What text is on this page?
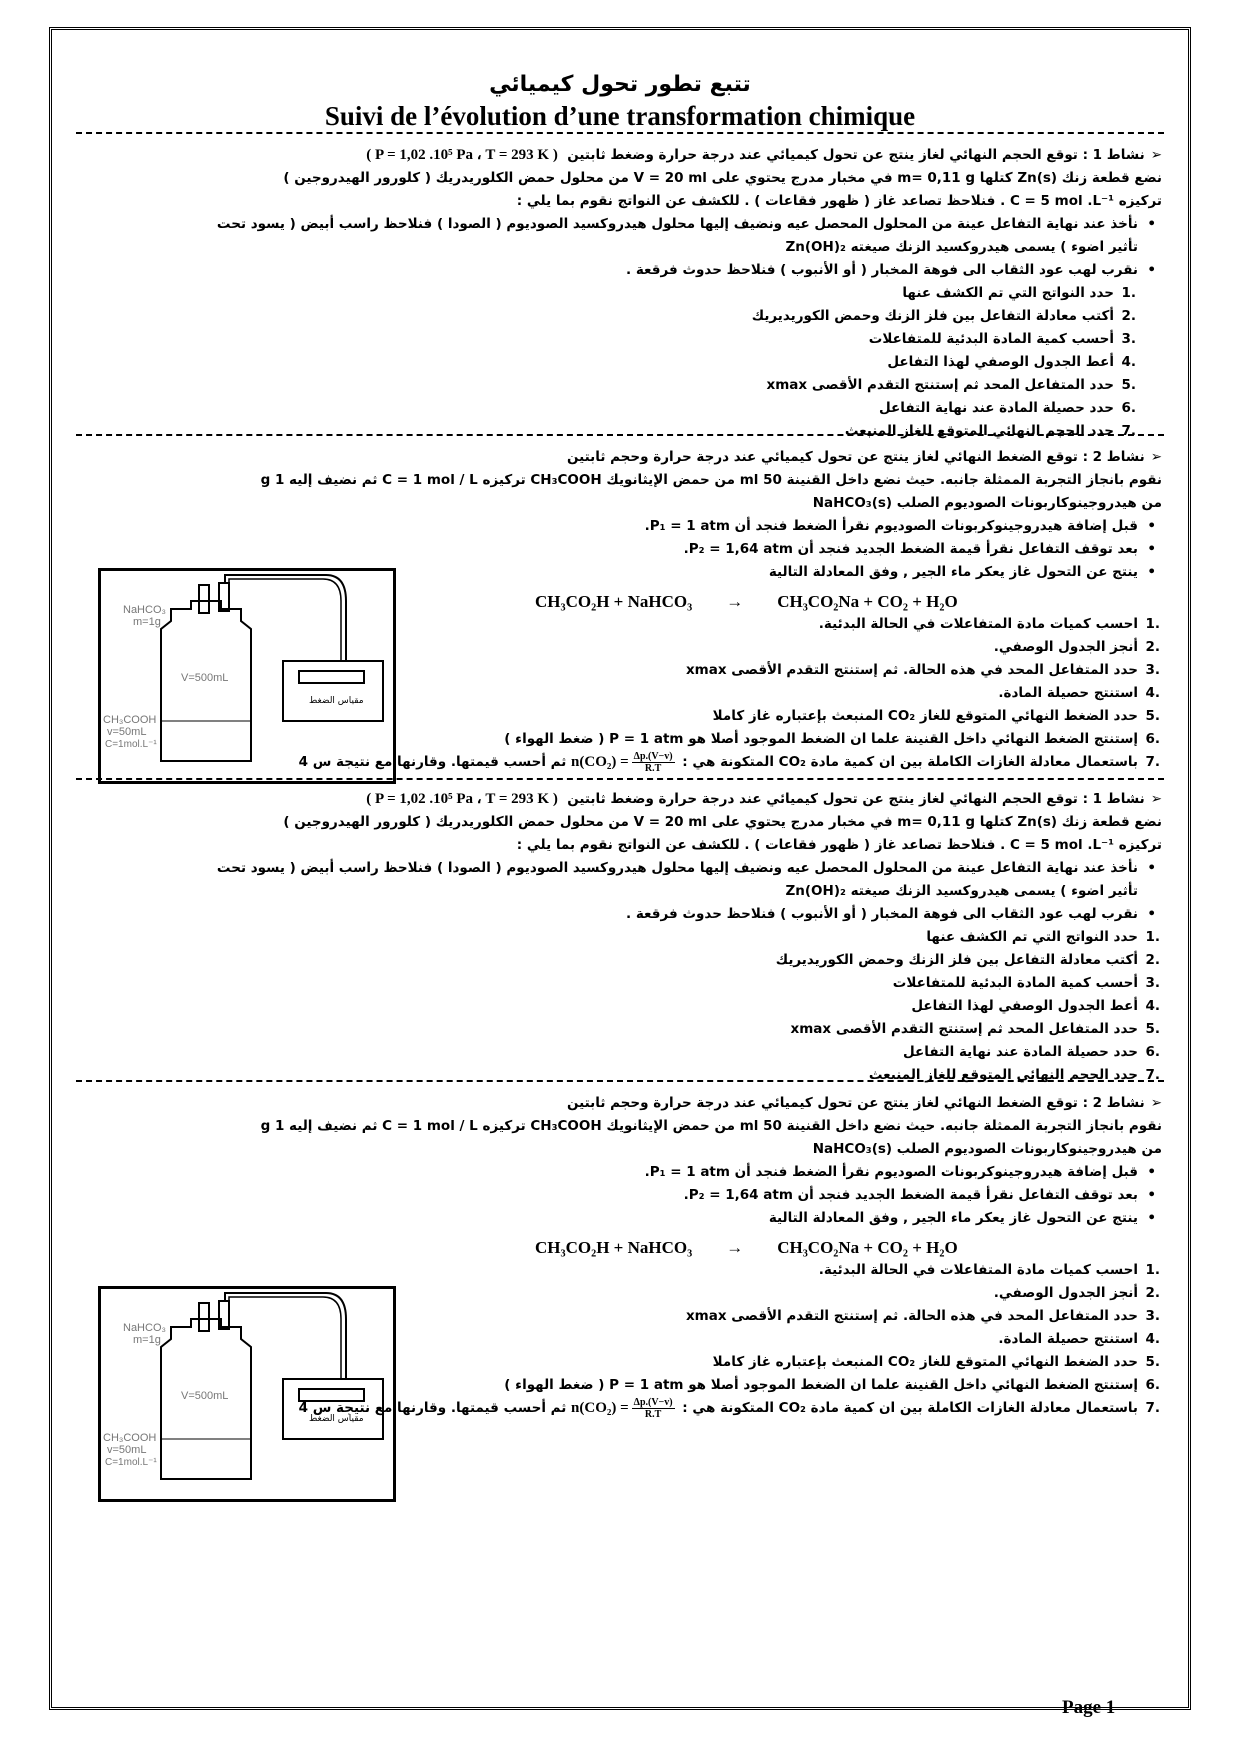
تتبع تطور تحول كيميائي
Suivi de l’évolution d’une transformation chimique
➢نشاط 1 : توقع الحجم النهائي لغاز ينتج عن تحول كيميائي عند درجة حرارة وضغط ثابتين  ( P = 1,02 .10⁵ Pa ، T = 293 K )
نضع قطعة زنك Zn(s) كتلها m= 0,11 g في مخبار مدرج يحتوي على V = 20 ml من محلول حمض الكلوريدريك ( كلورور الهيدروجين )
تركيزه C = 5 mol .L⁻¹ . فنلاحظ تصاعد غاز ( ظهور فقاعات ) . للكشف عن النواتج نقوم بما يلي :
• نأخذ عند نهاية التفاعل عينة من المحلول المحصل عيه ونضيف إليها محلول هيدروكسيد الصوديوم ( الصودا ) فنلاحظ راسب أبيض ( يسود تحت
تأثير اضوء ) يسمى هيدروكسيد الزنك صيغته Zn(OH)₂
• نقرب لهب عود الثقاب الى فوهة المخبار ( أو الأنبوب ) فنلاحظ حدوث فرقعة .
1.
حدد النواتج التي تم الكشف عنها
2.
أكتب معادلة التفاعل بين فلز الزنك وحمض الكوريديريك
3.
أحسب كمية المادة البدئية للمتفاعلات
4.
أعط الجدول الوصفي لهذا التفاعل
5.
حدد المتفاعل المحد ثم إستنتج التقدم الأقصى xmax
6.
حدد حصيلة المادة عند نهاية التفاعل
7.
حدد الحجم النهائي المتوقع للغاز المنبعث
➢نشاط 2 : توقع الضغط النهائي لغاز ينتج عن تحول كيميائي عند درجة حرارة وحجم ثابتين
نقوم بانجاز التجربة الممثلة جانبه. حيث نضع داخل القنينة 50 ml من حمض الإيثانويك CH₃COOH تركيزه C = 1 mol / L ثم نضيف إليه 1 g
من هيدروجينوكاربونات الصوديوم الصلب NaHCO₃(s)
• قبل إضافة هيدروجينوكربونات الصوديوم نقرأ الضغط فنجد أن P₁ = 1 atm.
• بعد توقف التفاعل نقرأ قيمة الضغط الجديد فنجد أن P₂ = 1,64 atm.
• ينتج عن التحول غاز يعكر ماء الجير , وفق المعادلة التالية
CH₃CO₂H + NaHCO₃ → CH₃CO₂Na + CO₂ + H₂O
1.
احسب كميات مادة المتفاعلات في الحالة البدئية.
2.
أنجز الجدول الوصفي.
3.
حدد المتفاعل المحد في هذه الحالة. ثم إستنتج التقدم الأقصى xmax
4.
استنتج حصيلة المادة.
5.
حدد الضغط النهائي المتوقع للغاز CO₂ المنبعث بإعتباره غاز كاملا
6.
إستنتج الضغط النهائي داخل القنينة علما ان الضغط الموجود أصلا هو P = 1 atm ( ضغط الهواء )
7.
باستعمال معادلة الغازات الكاملة بين ان كمية مادة CO₂ المتكونة هي : $n(CO_2) = \frac{\Delta p.(V-v)}{R.T}$
ثم أحسب قيمتها. وقارنها مع نتيجة س 4
NaHCO₃
m=1g
V=500mL
CH₃COOH
v=50mL
C=1mol.L⁻¹
مقياس الضغط
➢نشاط 1 : توقع الحجم النهائي لغاز ينتج عن تحول كيميائي عند درجة حرارة وضغط ثابتين  ( P = 1,02 .10⁵ Pa ، T = 293 K )
نضع قطعة زنك Zn(s) كتلها m= 0,11 g في مخبار مدرج يحتوي على V = 20 ml من محلول حمض الكلوريدريك ( كلورور الهيدروجين )
تركيزه C = 5 mol .L⁻¹ . فنلاحظ تصاعد غاز ( ظهور فقاعات ) . للكشف عن النواتج نقوم بما يلي :
• نأخذ عند نهاية التفاعل عينة من المحلول المحصل عيه ونضيف إليها محلول هيدروكسيد الصوديوم ( الصودا ) فنلاحظ راسب أبيض ( يسود تحت
تأثير اضوء ) يسمى هيدروكسيد الزنك صيغته Zn(OH)₂
• نقرب لهب عود الثقاب الى فوهة المخبار ( أو الأنبوب ) فنلاحظ حدوث فرقعة .
1.
حدد النواتج التي تم الكشف عنها
2.
أكتب معادلة التفاعل بين فلز الزنك وحمض الكوريديريك
3.
أحسب كمية المادة البدئية للمتفاعلات
4.
أعط الجدول الوصفي لهذا التفاعل
5.
حدد المتفاعل المحد ثم إستنتج التقدم الأقصى xmax
6.
حدد حصيلة المادة عند نهاية التفاعل
7.
حدد الحجم النهائي المتوقع للغاز المنبعث
➢نشاط 2 : توقع الضغط النهائي لغاز ينتج عن تحول كيميائي عند درجة حرارة وحجم ثابتين
نقوم بانجاز التجربة الممثلة جانبه. حيث نضع داخل القنينة 50 ml من حمض الإيثانويك CH₃COOH تركيزه C = 1 mol / L ثم نضيف إليه 1 g
من هيدروجينوكاربونات الصوديوم الصلب NaHCO₃(s)
• قبل إضافة هيدروجينوكربونات الصوديوم نقرأ الضغط فنجد أن P₁ = 1 atm.
• بعد توقف التفاعل نقرأ قيمة الضغط الجديد فنجد أن P₂ = 1,64 atm.
• ينتج عن التحول غاز يعكر ماء الجير , وفق المعادلة التالية
CH₃CO₂H + NaHCO₃ → CH₃CO₂Na + CO₂ + H₂O
1.
احسب كميات مادة المتفاعلات في الحالة البدئية.
2.
أنجز الجدول الوصفي.
3.
حدد المتفاعل المحد في هذه الحالة. ثم إستنتج التقدم الأقصى xmax
4.
استنتج حصيلة المادة.
5.
حدد الضغط النهائي المتوقع للغاز CO₂ المنبعث بإعتباره غاز كاملا
6.
إستنتج الضغط النهائي داخل القنينة علما ان الضغط الموجود أصلا هو P = 1 atm ( ضغط الهواء )
7.
باستعمال معادلة الغازات الكاملة بين ان كمية مادة CO₂ المتكونة هي : $n(CO_2) = \frac{\Delta p.(V-v)}{R.T}$
ثم أحسب قيمتها. وقارنها مع نتيجة س 4
NaHCO₃
m=1g
V=500mL
CH₃COOH
v=50mL
C=1mol.L⁻¹
مقياس الضغط
Page 1
